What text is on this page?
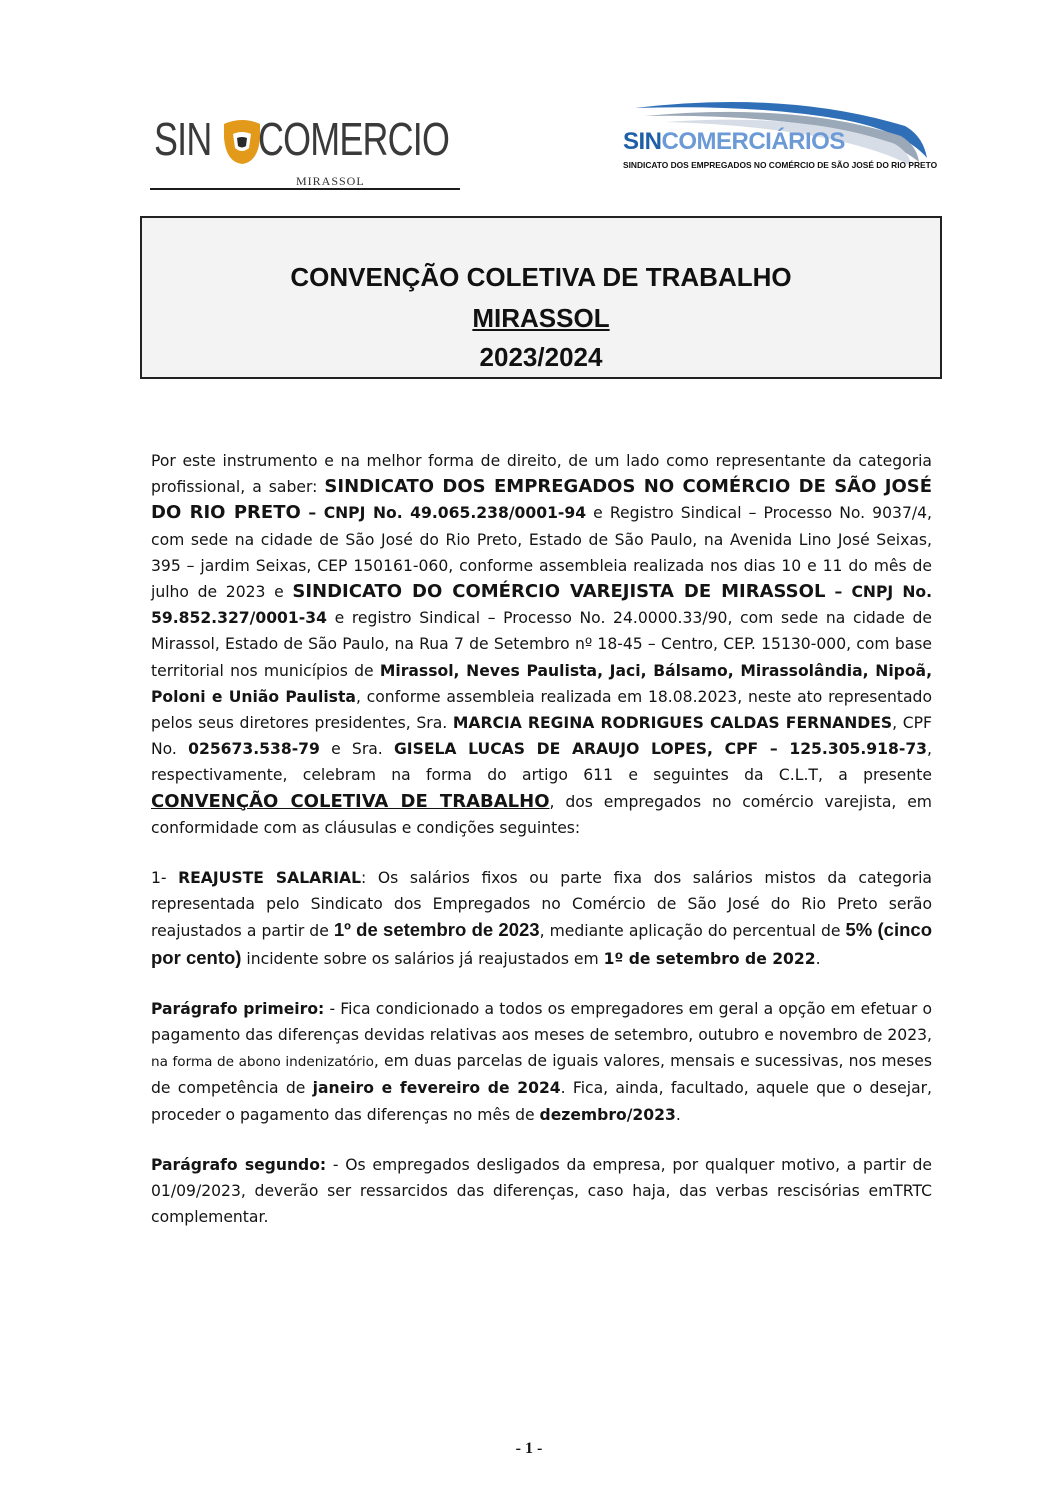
SIN COMERCIO
MIRASSOL
SINCOMERCIÁRIOS
SINDICATO DOS EMPREGADOS NO COMÉRCIO DE SÃO JOSÉ DO RIO PRETO
CONVENÇÃO COLETIVA DE TRABALHO
MIRASSOL
2023/2024

Por este instrumento e na melhor forma de direito, de um lado como representante da categoria profissional, a saber: SINDICATO DOS EMPREGADOS NO COMÉRCIO DE SÃO JOSÉ DO RIO PRETO – CNPJ No. 49.065.238/0001-94 e Registro Sindical – Processo No. 9037/4, com sede na cidade de São José do Rio Preto, Estado de São Paulo, na Avenida Lino José Seixas, 395 – jardim Seixas, CEP 150161-060, conforme assembleia realizada nos dias 10 e 11 do mês de julho de 2023 e SINDICATO DO COMÉRCIO VAREJISTA DE MIRASSOL – CNPJ No. 59.852.327/0001-34 e registro Sindical – Processo No. 24.0000.33/90, com sede na cidade de Mirassol, Estado de São Paulo, na Rua 7 de Setembro nº 18-45 – Centro, CEP. 15130-000, com base territorial nos municípios de Mirassol, Neves Paulista, Jaci, Bálsamo, Mirassolândia, Nipoã, Poloni e União Paulista, conforme assembleia realizada em 18.08.2023, neste ato representado pelos seus diretores presidentes, Sra. MARCIA REGINA RODRIGUES CALDAS FERNANDES, CPF No. 025673.538-79 e Sra. GISELA LUCAS DE ARAUJO LOPES, CPF – 125.305.918-73, respectivamente, celebram na forma do artigo 611 e seguintes da C.L.T, a presente CONVENÇÃO COLETIVA DE TRABALHO, dos empregados no comércio varejista, em conformidade com as cláusulas e condições seguintes:

1- REAJUSTE SALARIAL: Os salários fixos ou parte fixa dos salários mistos da categoria representada pelo Sindicato dos Empregados no Comércio de São José do Rio Preto serão reajustados a partir de 1º de setembro de 2023, mediante aplicação do percentual de 5% (cinco por cento) incidente sobre os salários já reajustados em 1º de setembro de 2022.

Parágrafo primeiro: - Fica condicionado a todos os empregadores em geral a opção em efetuar o pagamento das diferenças devidas relativas aos meses de setembro, outubro e novembro de 2023, na forma de abono indenizatório, em duas parcelas de iguais valores, mensais e sucessivas, nos meses de competência de janeiro e fevereiro de 2024. Fica, ainda, facultado, aquele que o desejar, proceder o pagamento das diferenças no mês de dezembro/2023.

Parágrafo segundo: - Os empregados desligados da empresa, por qualquer motivo, a partir de 01/09/2023, deverão ser ressarcidos das diferenças, caso haja, das verbas rescisórias emTRTC complementar.

- 1 -
